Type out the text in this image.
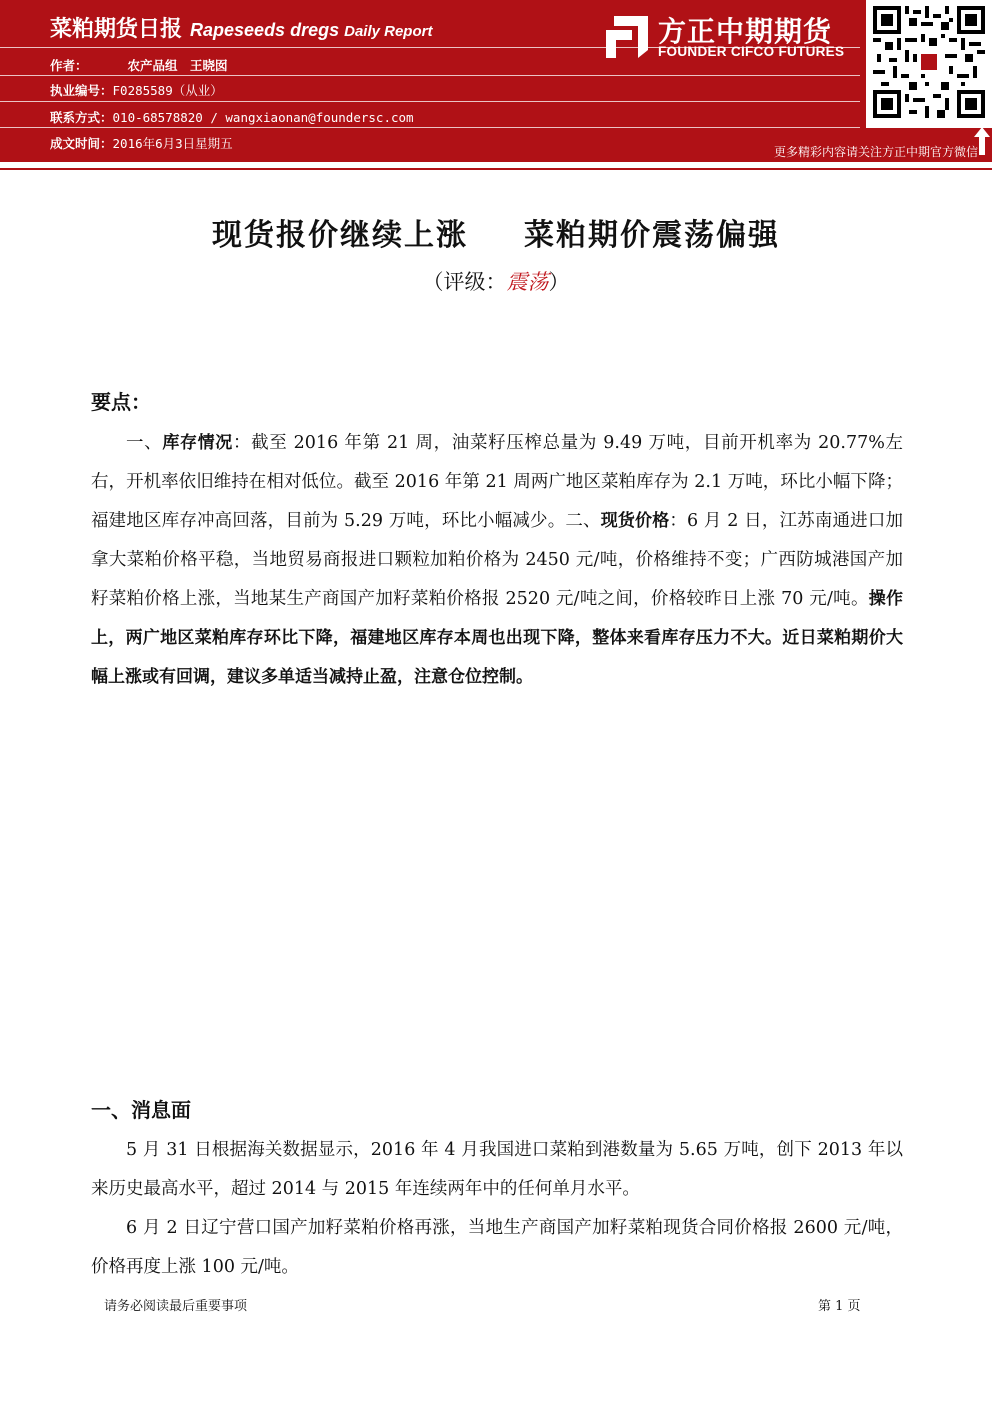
菜粕期货日报 Rapeseeds dregs Daily Report
作者：	农产品组　王晓囡
执业编号：F0285589（从业）
联系方式：010-68578820 / wangxiaonan@foundersc.com
成文时间：2016年6月3日星期五
方正中期期货
FOUNDER CIFCO FUTURES
更多精彩内容请关注方正中期官方微信
现货报价继续上涨 菜粕期价震荡偏强
（评级：震荡）
要点：
一、库存情况：截至 2016 年第 21 周，油菜籽压榨总量为 9.49 万吨，目前开机率为 20.77%左右，开机率依旧维持在相对低位。截至 2016 年第 21 周两广地区菜粕库存为 2.1 万吨，环比小幅下降；福建地区库存冲高回落，目前为 5.29 万吨，环比小幅减少。二、现货价格：6 月 2 日，江苏南通进口加拿大菜粕价格平稳，当地贸易商报进口颗粒加粕价格为 2450 元/吨，价格维持不变；广西防城港国产加籽菜粕价格上涨，当地某生产商国产加籽菜粕价格报 2520 元/吨之间，价格较昨日上涨 70 元/吨。操作上，两广地区菜粕库存环比下降，福建地区库存本周也出现下降，整体来看库存压力不大。近日菜粕期价大幅上涨或有回调，建议多单适当减持止盈，注意仓位控制。
一、消息面
5 月 31 日根据海关数据显示，2016 年 4 月我国进口菜粕到港数量为 5.65 万吨，创下 2013 年以来历史最高水平，超过 2014 与 2015 年连续两年中的任何单月水平。
6 月 2 日辽宁营口国产加籽菜粕价格再涨，当地生产商国产加籽菜粕现货合同价格报 2600 元/吨，价格再度上涨 100 元/吨。
请务必阅读最后重要事项	第 1 页
